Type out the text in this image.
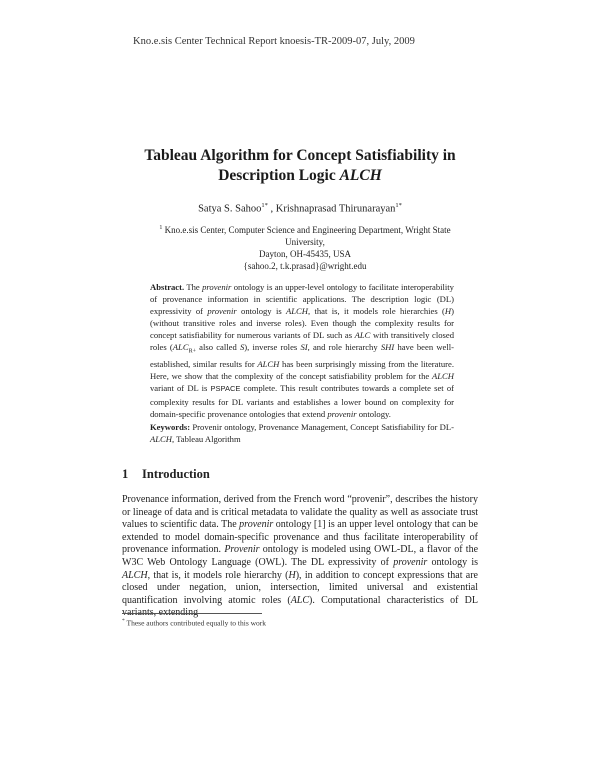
Kno.e.sis Center Technical Report knoesis-TR-2009-07, July, 2009
Tableau Algorithm for Concept Satisfiability in
Description Logic ALCH
Satya S. Sahoo$^{1*}$ , Krishnaprasad Thirunarayan$^{1*}$
$^1$ Kno.e.sis Center, Computer Science and Engineering Department, Wright State University,
Dayton, OH-45435, USA
{sahoo.2, t.k.prasad}@wright.edu
Abstract. The provenir ontology is an upper-level ontology to facilitate interoperability of provenance information in scientific applications. The description logic (DL) expressivity of provenir ontology is ALCH, that is, it models role hierarchies (H) (without transitive roles and inverse roles). Even though the complexity results for concept satisfiability for numerous variants of DL such as ALC with transitively closed roles ($ALC_{R+}$ also called S), inverse roles SI, and role hierarchy SHI have been well-established, similar results for ALCH has been surprisingly missing from the literature. Here, we show that the complexity of the concept satisfiability problem for the ALCH variant of DL is PSPACE complete. This result contributes towards a complete set of complexity results for DL variants and establishes a lower bound on complexity for domain-specific provenance ontologies that extend provenir ontology.
Keywords: Provenir ontology, Provenance Management, Concept Satisfiability for DL-ALCH, Tableau Algorithm
1 Introduction
Provenance information, derived from the French word “provenir”, describes the history or lineage of data and is critical metadata to validate the quality as well as associate trust values to scientific data. The provenir ontology [1] is an upper level ontology that can be extended to model domain-specific provenance and thus facilitate interoperability of provenance information. Provenir ontology is modeled using OWL-DL, a flavor of the W3C Web Ontology Language (OWL). The DL expressivity of provenir ontology is ALCH, that is, it models role hierarchy (H), in addition to concept expressions that are closed under negation, union, intersection, limited universal and existential quantification involving atomic roles (ALC). Computational characteristics of DL variants, extending
* These authors contributed equally to this work
